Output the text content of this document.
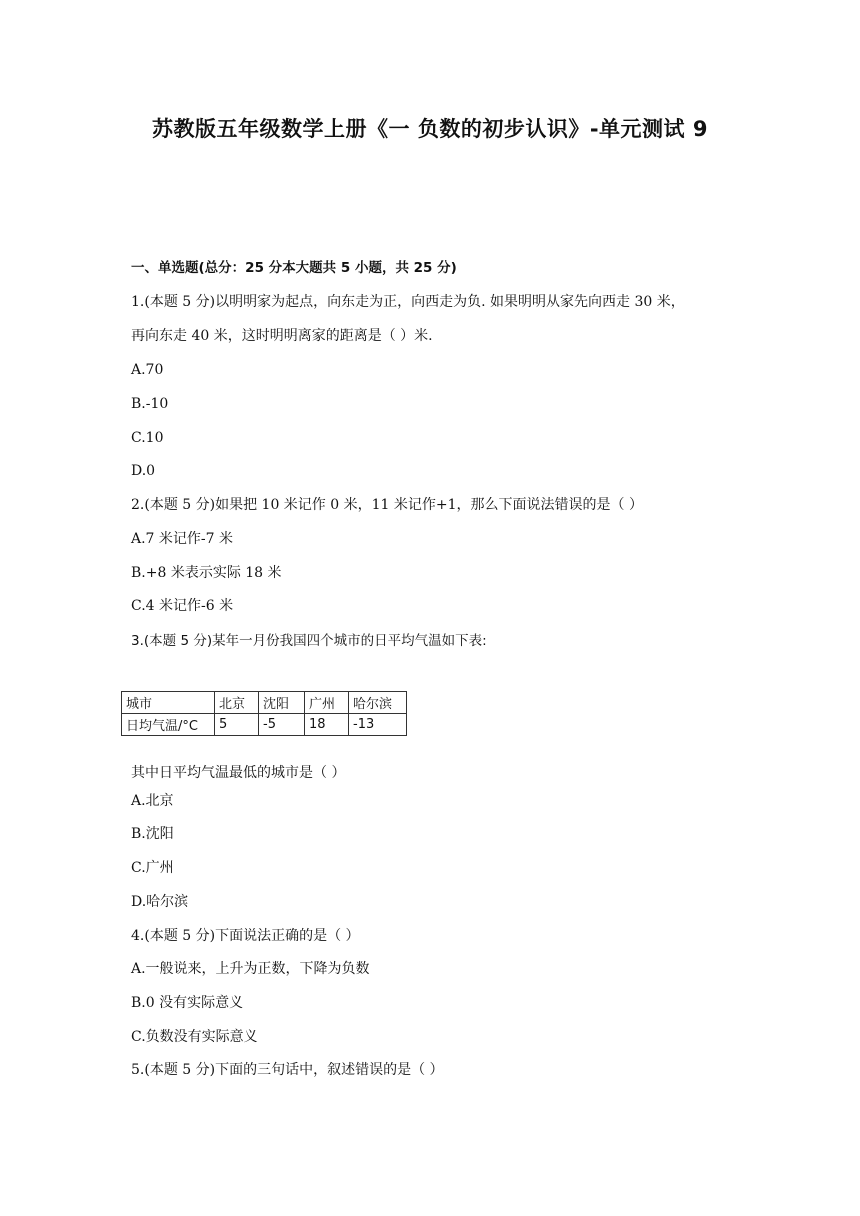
苏教版五年级数学上册《一 负数的初步认识》-单元测试 9
一、单选题(总分：25 分本大题共 5 小题，共 25 分)
1.(本题 5 分)以明明家为起点，向东走为正，向西走为负. 如果明明从家先向西走 30 米，
再向东走 40 米，这时明明离家的距离是（ ）米.
A.70
B.-10
C.10
D.0
2.(本题 5 分)如果把 10 米记作 0 米，11 米记作+1，那么下面说法错误的是（ ）
A.7 米记作-7 米
B.+8 米表示实际 18 米
C.4 米记作-6 米
3.(本题 5 分)某年一月份我国四个城市的日平均气温如下表:
城市	北京	沈阳	广州	哈尔滨
日均气温/°C	5	-5	18	-13
其中日平均气温最低的城市是（ ）
A.北京
B.沈阳
C.广州
D.哈尔滨
4.(本题 5 分)下面说法正确的是（ ）
A.一般说来，上升为正数，下降为负数
B.0 没有实际意义
C.负数没有实际意义
5.(本题 5 分)下面的三句话中，叙述错误的是（ ）
